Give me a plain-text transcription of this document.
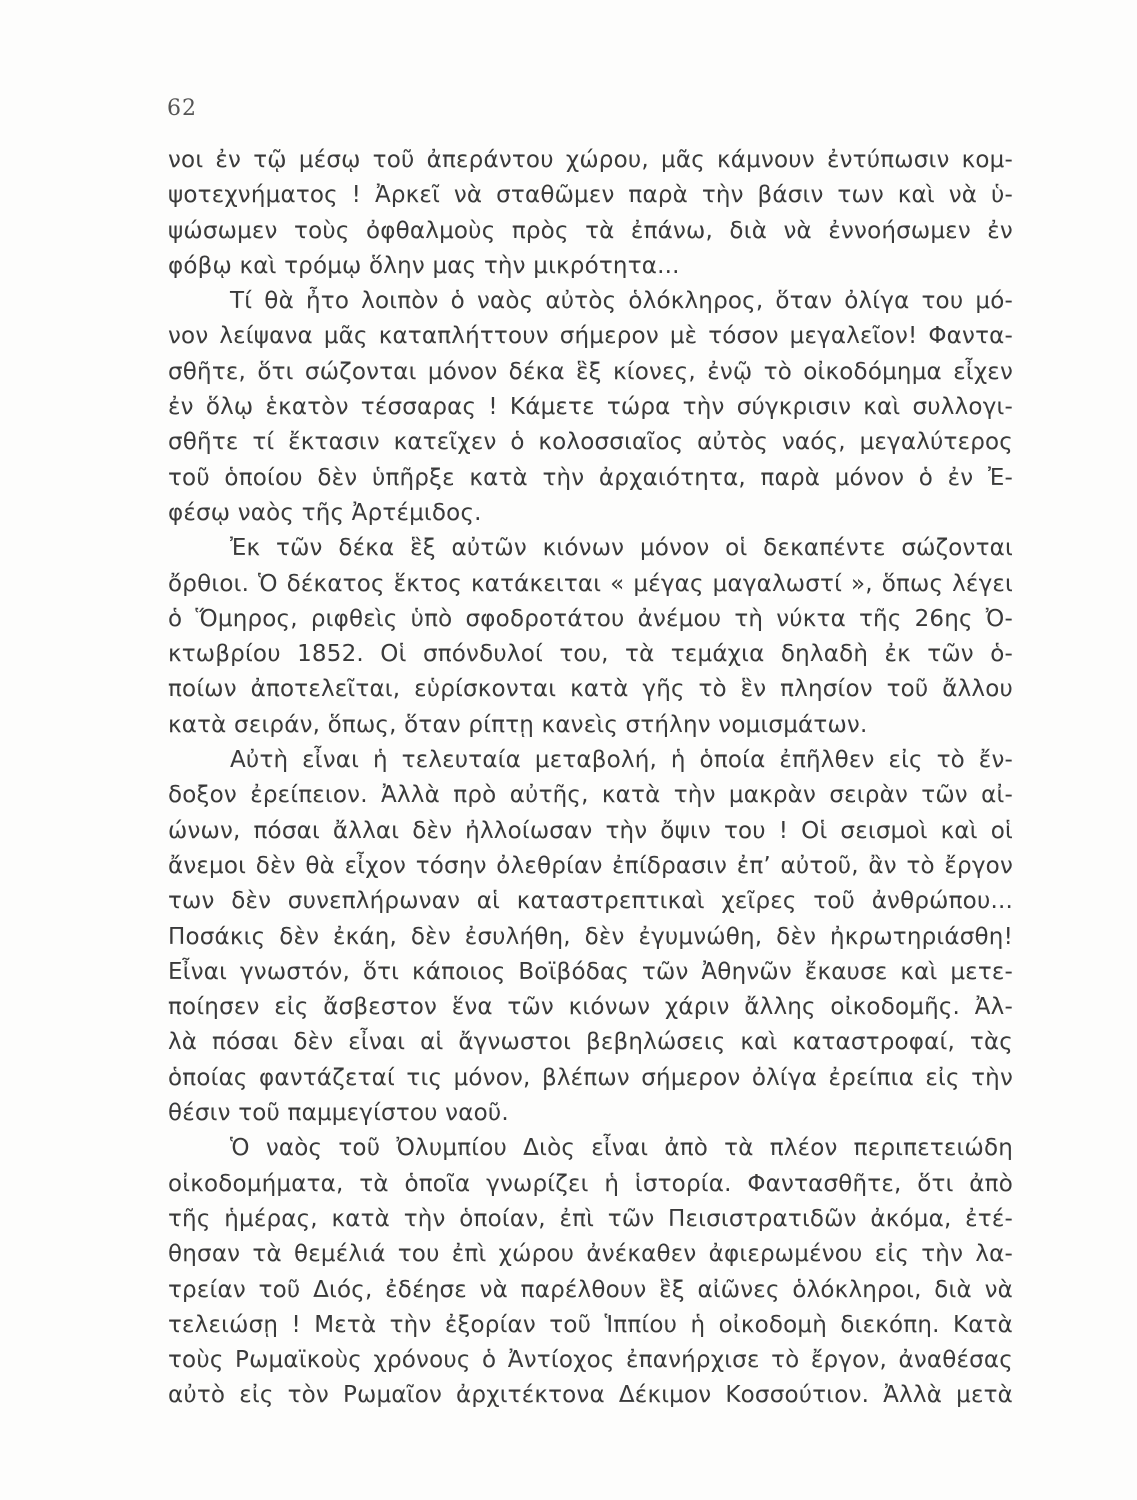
62
νοι ἐν τῷ μέσῳ τοῦ ἀπεράντου χώρου, μᾶς κάμνουν ἐντύπωσιν κομ-
ψοτεχνήματος ! Ἀρκεῖ νὰ σταθῶμεν παρὰ τὴν βάσιν των καὶ νὰ ὑ-
ψώσωμεν τοὺς ὀφθαλμοὺς πρὸς τὰ ἐπάνω, διὰ νὰ ἐννοήσωμεν ἐν
φόβῳ καὶ τρόμῳ ὅλην μας τὴν μικρότητα...
Τί θὰ ἦτο λοιπὸν ὁ ναὸς αὐτὸς ὁλόκληρος, ὅταν ὀλίγα του μό-
νον λείψανα μᾶς καταπλήττουν σήμερον μὲ τόσον μεγαλεῖον! Φαντα-
σθῆτε, ὅτι σώζονται μόνον δέκα ἓξ κίονες, ἐνῷ τὸ οἰκοδόμημα εἶχεν
ἐν ὅλῳ ἑκατὸν τέσσαρας ! Κάμετε τώρα τὴν σύγκρισιν καὶ συλλογι-
σθῆτε τί ἔκτασιν κατεῖχεν ὁ κολοσσιαῖος αὐτὸς ναός, μεγαλύτερος
τοῦ ὁποίου δὲν ὑπῆρξε κατὰ τὴν ἀρχαιότητα, παρὰ μόνον ὁ ἐν Ἐ-
φέσῳ ναὸς τῆς Ἀρτέμιδος.
Ἐκ τῶν δέκα ἓξ αὐτῶν κιόνων μόνον οἱ δεκαπέντε σώζονται
ὄρθιοι. Ὁ δέκατος ἕκτος κατάκειται « μέγας μαγαλωστί », ὅπως λέγει
ὁ Ὅμηρος, ριφθεὶς ὑπὸ σφοδροτάτου ἀνέμου τὴ νύκτα τῆς 26ης Ὀ-
κτωβρίου 1852. Οἱ σπόνδυλοί του, τὰ τεμάχια δηλαδὴ ἐκ τῶν ὁ-
ποίων ἀποτελεῖται, εὑρίσκονται κατὰ γῆς τὸ ἓν πλησίον τοῦ ἄλλου
κατὰ σειράν, ὅπως, ὅταν ρίπτῃ κανεὶς στήλην νομισμάτων.
Αὐτὴ εἶναι ἡ τελευταία μεταβολή, ἡ ὁποία ἐπῆλθεν εἰς τὸ ἔν-
δοξον ἐρείπειον. Ἀλλὰ πρὸ αὐτῆς, κατὰ τὴν μακρὰν σειρὰν τῶν αἰ-
ώνων, πόσαι ἄλλαι δὲν ἠλλοίωσαν τὴν ὄψιν του ! Οἱ σεισμοὶ καὶ οἱ
ἄνεμοι δὲν θὰ εἶχον τόσην ὀλεθρίαν ἐπίδρασιν ἐπ’ αὐτοῦ, ἂν τὸ ἔργον
των δὲν συνεπλήρωναν αἱ καταστρεπτικαὶ χεῖρες τοῦ ἀνθρώπου...
Ποσάκις δὲν ἐκάη, δὲν ἐσυλήθη, δὲν ἐγυμνώθη, δὲν ἠκρωτηριάσθη!
Εἶναι γνωστόν, ὅτι κάποιος Βοϊβόδας τῶν Ἀθηνῶν ἔκαυσε καὶ μετε-
ποίησεν εἰς ἄσβεστον ἕνα τῶν κιόνων χάριν ἄλλης οἰκοδομῆς. Ἀλ-
λὰ πόσαι δὲν εἶναι αἱ ἄγνωστοι βεβηλώσεις καὶ καταστροφαί, τὰς
ὁποίας φαντάζεταί τις μόνον, βλέπων σήμερον ὀλίγα ἐρείπια εἰς τὴν
θέσιν τοῦ παμμεγίστου ναοῦ.
Ὁ ναὸς τοῦ Ὀλυμπίου Διὸς εἶναι ἀπὸ τὰ πλέον περιπετειώδη
οἰκοδομήματα, τὰ ὁποῖα γνωρίζει ἡ ἱστορία. Φαντασθῆτε, ὅτι ἀπὸ
τῆς ἡμέρας, κατὰ τὴν ὁποίαν, ἐπὶ τῶν Πεισιστρατιδῶν ἀκόμα, ἐτέ-
θησαν τὰ θεμέλιά του ἐπὶ χώρου ἀνέκαθεν ἀφιερωμένου εἰς τὴν λα-
τρείαν τοῦ Διός, ἐδέησε νὰ παρέλθουν ἓξ αἰῶνες ὁλόκληροι, διὰ νὰ
τελειώσῃ ! Μετὰ τὴν ἐξορίαν τοῦ Ἱππίου ἡ οἰκοδομὴ διεκόπη. Κατὰ
τοὺς Ρωμαϊκοὺς χρόνους ὁ Ἀντίοχος ἐπανήρχισε τὸ ἔργον, ἀναθέσας
αὐτὸ εἰς τὸν Ρωμαῖον ἀρχιτέκτονα Δέκιμον Κοσσούτιον. Ἀλλὰ μετὰ
